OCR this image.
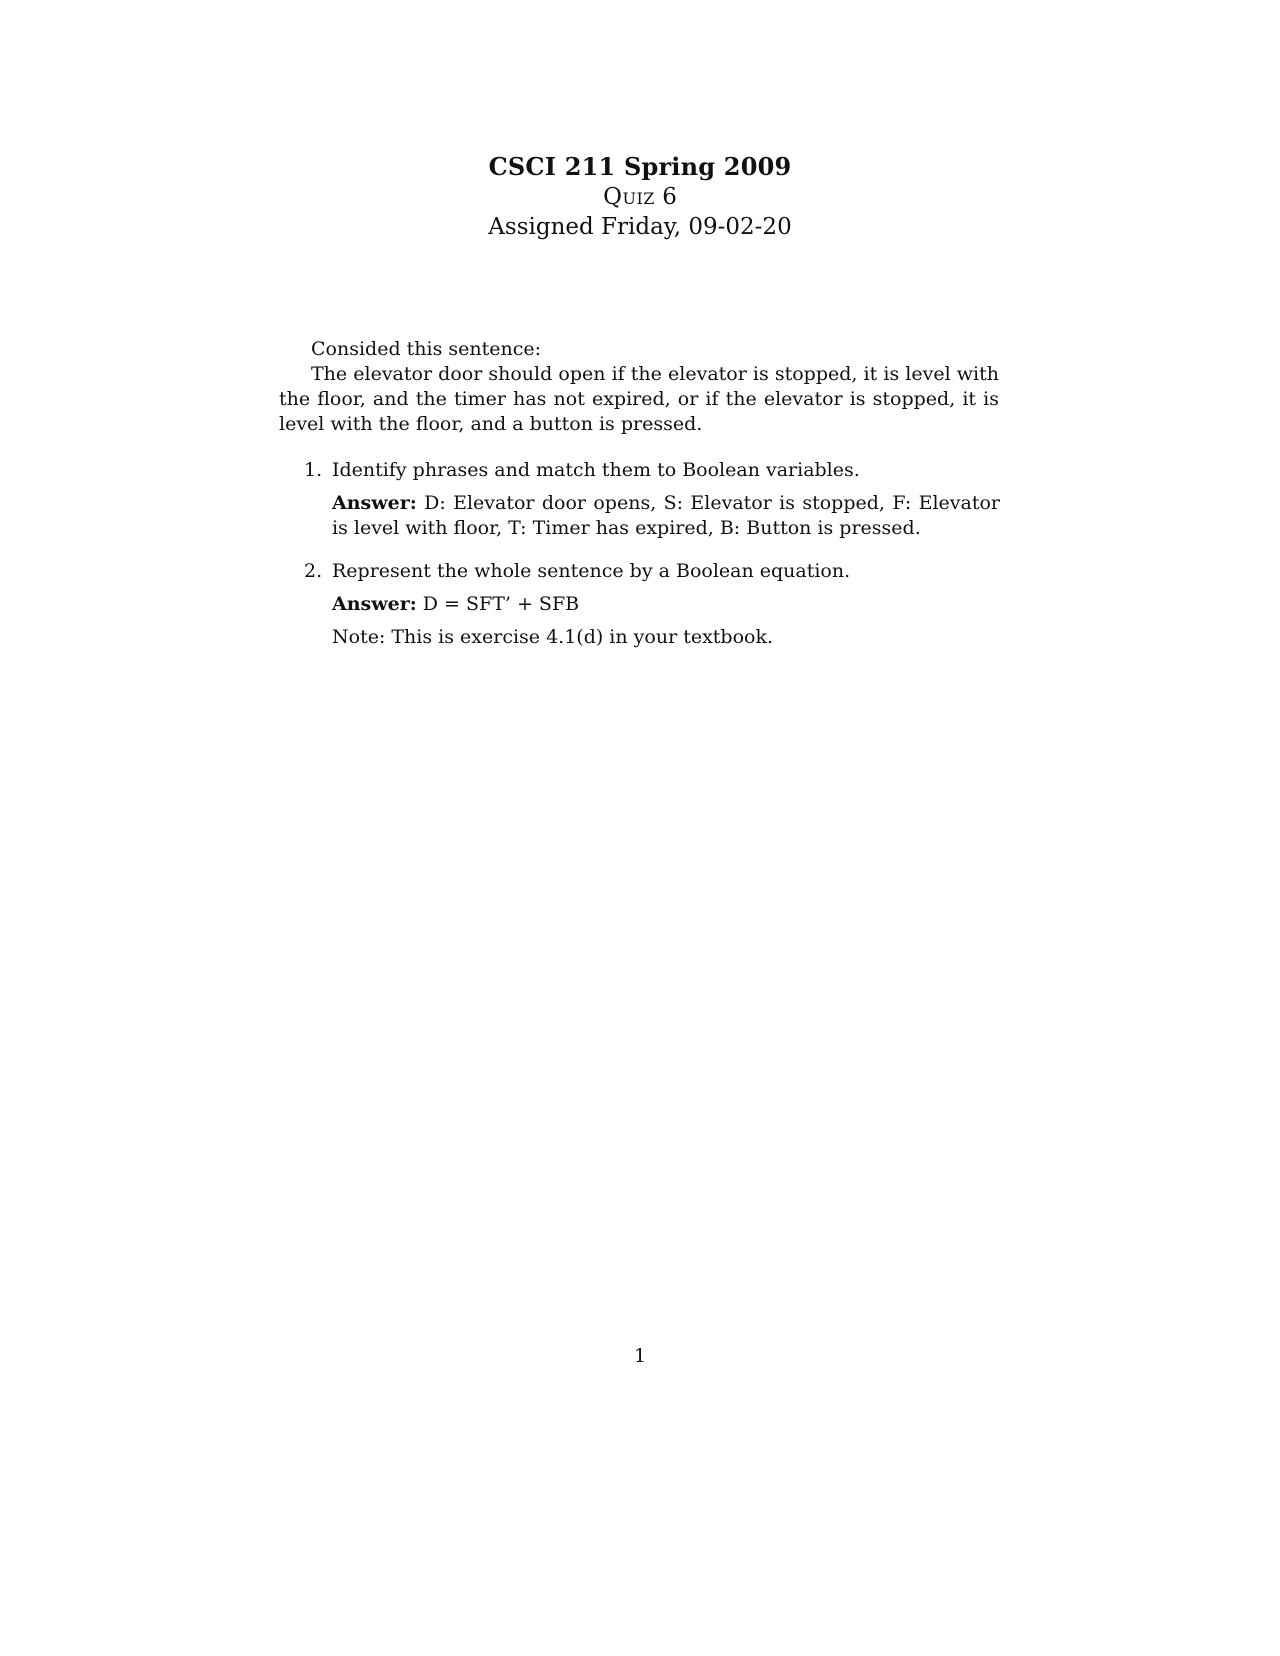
CSCI 211 Spring 2009
Quiz 6
Assigned Friday, 09-02-20

Consided this sentence:

The elevator door should open if the elevator is stopped, it is level with the floor, and the timer has not expired, or if the elevator is stopped, it is level with the floor, and a button is pressed.

1. Identify phrases and match them to Boolean variables.

Answer: D: Elevator door opens, S: Elevator is stopped, F: Elevator is level with floor, T: Timer has expired, B: Button is pressed.

2. Represent the whole sentence by a Boolean equation.

Answer: D = SFT’ + SFB

Note: This is exercise 4.1(d) in your textbook.

1
